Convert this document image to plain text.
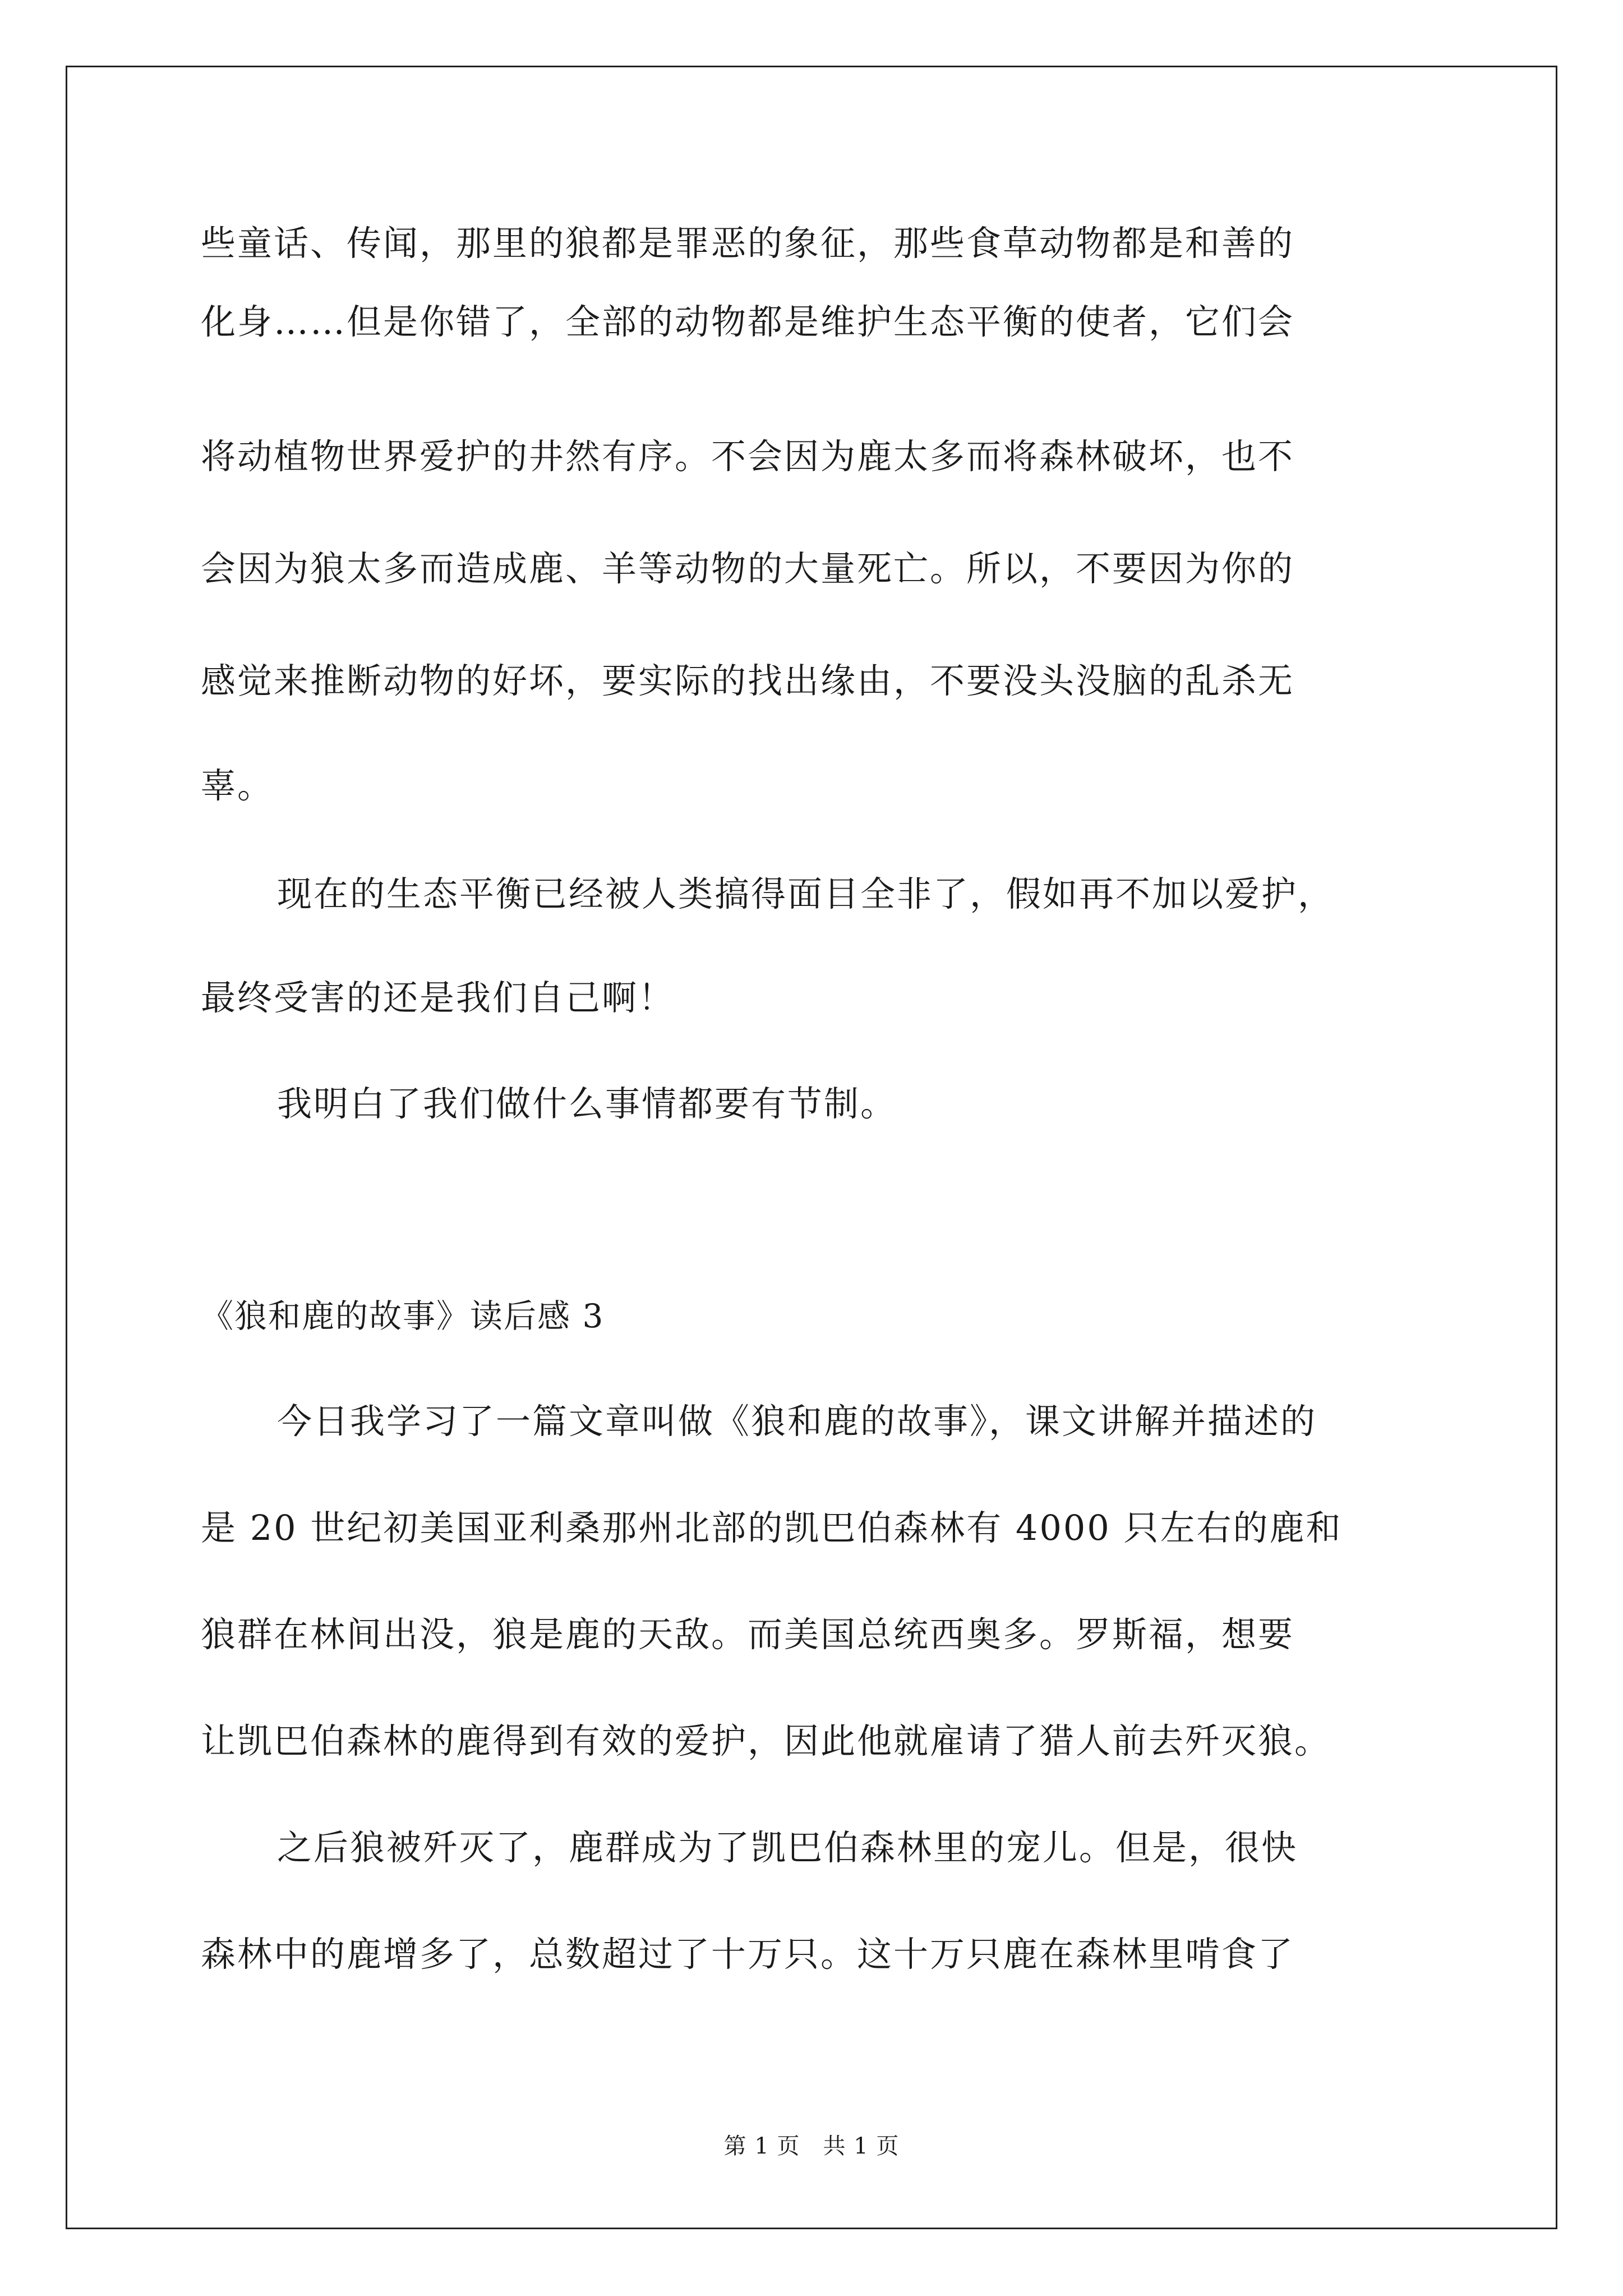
些童话、传闻，那里的狼都是罪恶的象征，那些食草动物都是和善的
化身……但是你错了，全部的动物都是维护生态平衡的使者，它们会
将动植物世界爱护的井然有序。不会因为鹿太多而将森林破坏，也不
会因为狼太多而造成鹿、羊等动物的大量死亡。所以，不要因为你的
感觉来推断动物的好坏，要实际的找出缘由，不要没头没脑的乱杀无
辜。
现在的生态平衡已经被人类搞得面目全非了，假如再不加以爱护，
最终受害的还是我们自己啊！
我明白了我们做什么事情都要有节制。
《狼和鹿的故事》读后感 3
今日我学习了一篇文章叫做《狼和鹿的故事》，课文讲解并描述的
是 20 世纪初美国亚利桑那州北部的凯巴伯森林有 4000 只左右的鹿和
狼群在林间出没，狼是鹿的天敌。而美国总统西奥多。罗斯福，想要
让凯巴伯森林的鹿得到有效的爱护，因此他就雇请了猎人前去歼灭狼。
之后狼被歼灭了，鹿群成为了凯巴伯森林里的宠儿。但是，很快
森林中的鹿增多了，总数超过了十万只。这十万只鹿在森林里啃食了
第 1 页　共 1 页
